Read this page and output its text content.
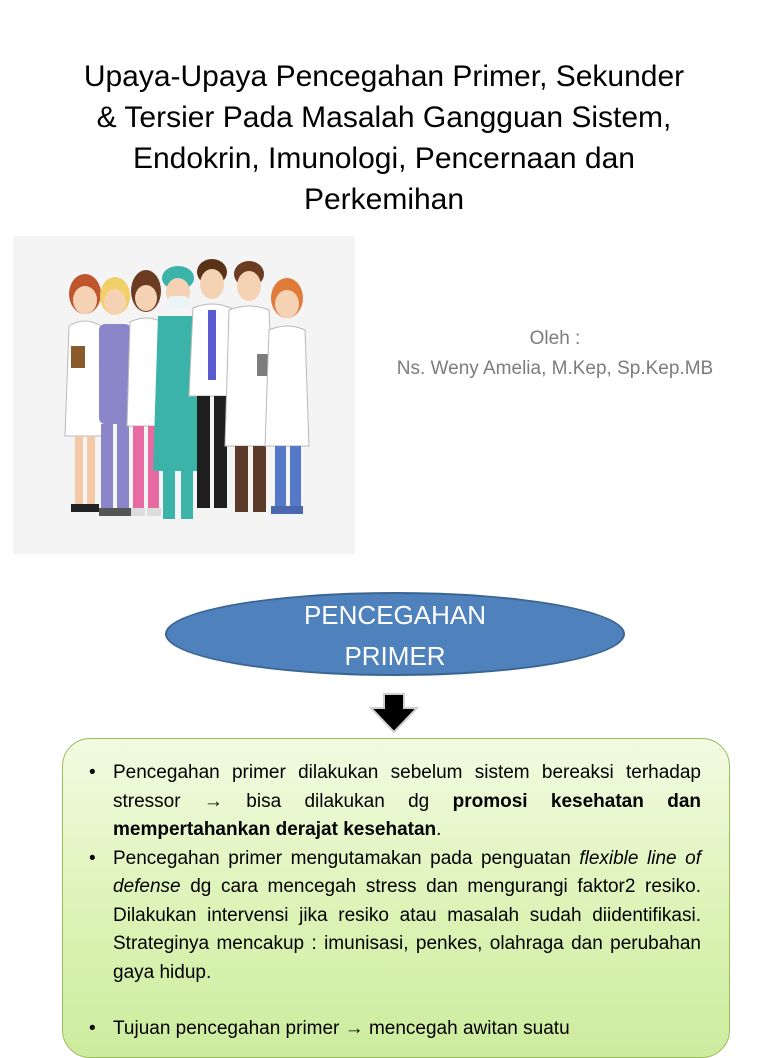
Upaya-Upaya Pencegahan Primer, Sekunder
& Tersier Pada Masalah Gangguan Sistem,
Endokrin, Imunologi, Pencernaan dan
Perkemihan
Oleh :
Ns. Weny Amelia, M.Kep, Sp.Kep.MB
PENCEGAHAN
PRIMER
• Pencegahan primer dilakukan sebelum sistem bereaksi terhadap stressor → bisa dilakukan dg promosi kesehatan dan mempertahankan derajat kesehatan.
• Pencegahan primer mengutamakan pada penguatan flexible line of defense dg cara mencegah stress dan mengurangi faktor2 resiko. Dilakukan intervensi jika resiko atau masalah sudah diidentifikasi. Strateginya mencakup : imunisasi, penkes, olahraga dan perubahan gaya hidup.
• Tujuan pencegahan primer → mencegah awitan suatu
